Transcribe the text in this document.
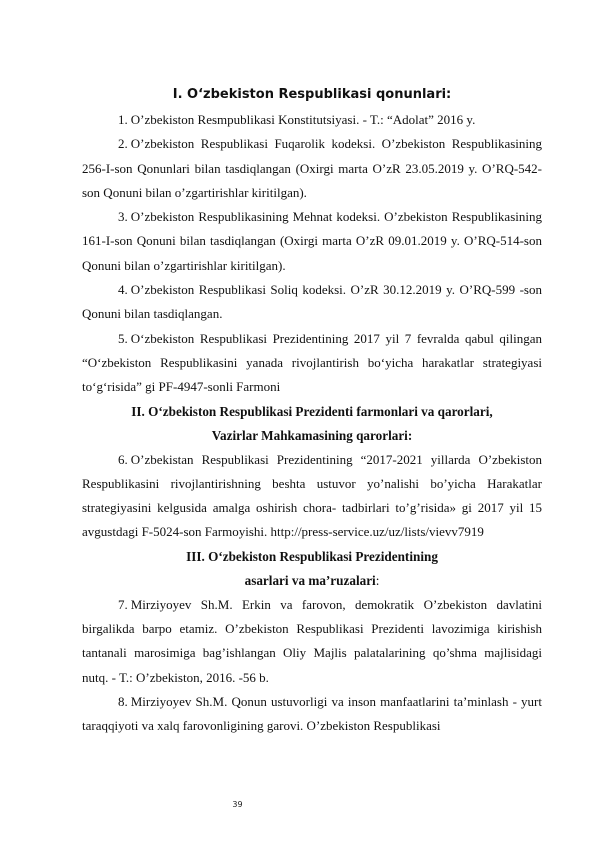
I. O‘zbekiston Respublikasi qonunlari:

1. O’zbekiston Resmpublikasi Konstitutsiyasi. - T.: “Adolat” 2016 y.

2. O’zbekiston Respublikasi Fuqarolik kodeksi. O’zbekiston Respublikasining 256-I-son Qonunlari bilan tasdiqlangan (Oxirgi marta O’zR 23.05.2019 y. O’RQ-542-son Qonuni bilan o’zgartirishlar kiritilgan).

3. O’zbekiston Respublikasining Mehnat kodeksi. O’zbekiston Respublikasining 161-I-son Qonuni bilan tasdiqlangan (Oxirgi marta O’zR 09.01.2019 y. O’RQ-514-son Qonuni bilan o’zgartirishlar kiritilgan).

4. O’zbekiston Respublikasi Soliq kodeksi. O’zR 30.12.2019 y. O’RQ-599 -son Qonuni bilan tasdiqlangan.

5. O‘zbekiston Respublikasi Prezidentining 2017 yil 7 fevralda qabul qilingan “O‘zbekiston Respublikasini yanada rivojlantirish bo‘yicha harakatlar strategiyasi to‘g‘risida” gi PF-4947-sonli Farmoni

II. O‘zbekiston Respublikasi Prezidenti farmonlari va qarorlari,

Vazirlar Mahkamasining qarorlari:

6. O’zbekistan Respublikasi Prezidentining “2017-2021 yillarda O’zbekiston Respublikasini rivojlantirishning beshta ustuvor yo’nalishi bo’yicha Harakatlar strategiyasini kelgusida amalga oshirish chora- tadbirlari to’g’risida» gi 2017 yil 15 avgustdagi F-5024-son Farmoyishi. http://press-service.uz/uz/lists/vievv7919

III. O‘zbekiston Respublikasi Prezidentining

asarlari va ma’ruzalari:

7. Mirziyoyev Sh.M. Erkin va farovon, demokratik O’zbekiston davlatini birgalikda barpo etamiz. O’zbekiston Respublikasi Prezidenti lavozimiga kirishish tantanali marosimiga bag’ishlangan Oliy Majlis palatalarining qo’shma majlisidagi nutq. - T.: O’zbekiston, 2016. -56 b.

8. Mirziyoyev Sh.M. Qonun ustuvorligi va inson manfaatlarini ta’minlash - yurt taraqqiyoti va xalq farovonligining garovi. O’zbekiston Respublikasi

39
